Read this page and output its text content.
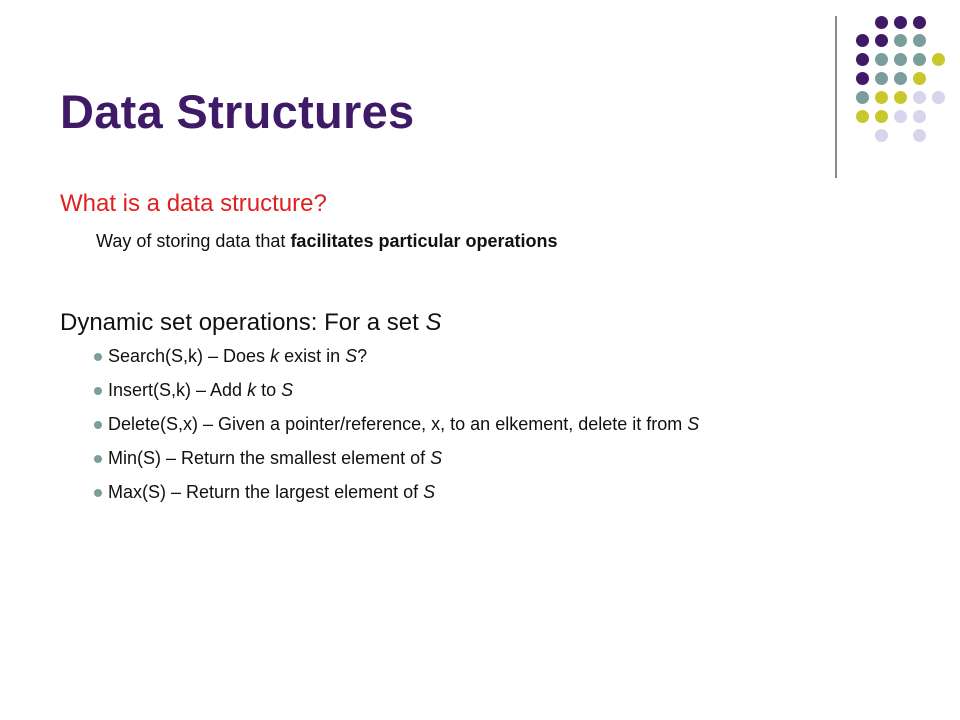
Data Structures
What is a data structure?
Way of storing data that facilitates particular operations
Dynamic set operations: For a set S
Search(S,k) – Does k exist in S?
Insert(S,k) – Add k to S
Delete(S,x) – Given a pointer/reference, x, to an elkement, delete it from S
Min(S) – Return the smallest element of S
Max(S) – Return the largest element of S
